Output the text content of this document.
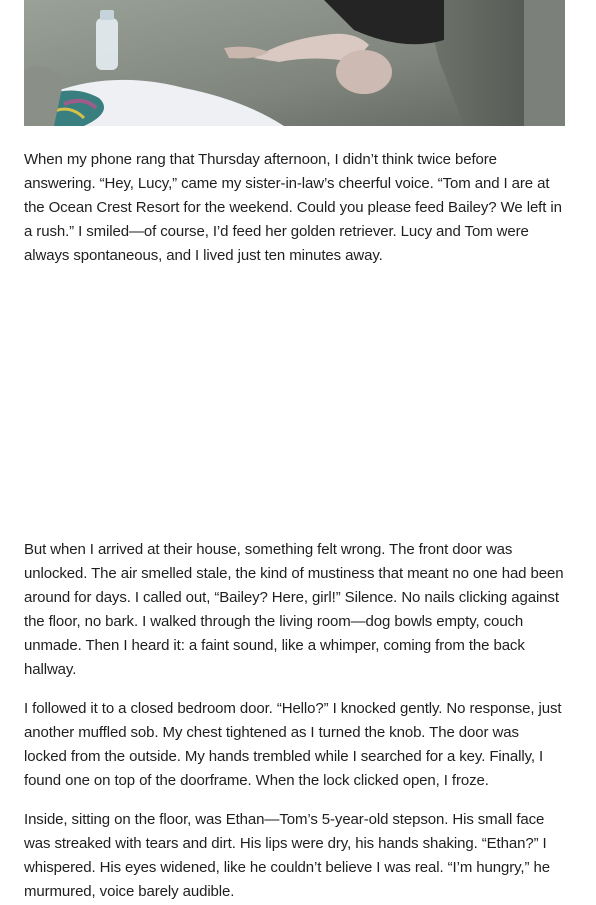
When my phone rang that Thursday afternoon, I didn’t think twice before answering. “Hey, Lucy,” came my sister-in-law’s cheerful voice. “Tom and I are at the Ocean Crest Resort for the weekend. Could you please feed Bailey? We left in a rush.” I smiled—of course, I’d feed her golden retriever. Lucy and Tom were always spontaneous, and I lived just ten minutes away.

But when I arrived at their house, something felt wrong. The front door was unlocked. The air smelled stale, the kind of mustiness that meant no one had been around for days. I called out, “Bailey? Here, girl!” Silence. No nails clicking against the floor, no bark. I walked through the living room—dog bowls empty, couch unmade. Then I heard it: a faint sound, like a whimper, coming from the back hallway.

I followed it to a closed bedroom door. “Hello?” I knocked gently. No response, just another muffled sob. My chest tightened as I turned the knob. The door was locked from the outside. My hands trembled while I searched for a key. Finally, I found one on top of the doorframe. When the lock clicked open, I froze.

Inside, sitting on the floor, was Ethan—Tom’s 5-year-old stepson. His small face was streaked with tears and dirt. His lips were dry, his hands shaking. “Ethan?” I whispered. His eyes widened, like he couldn’t believe I was real. “I’m hungry,” he murmured, voice barely audible.
